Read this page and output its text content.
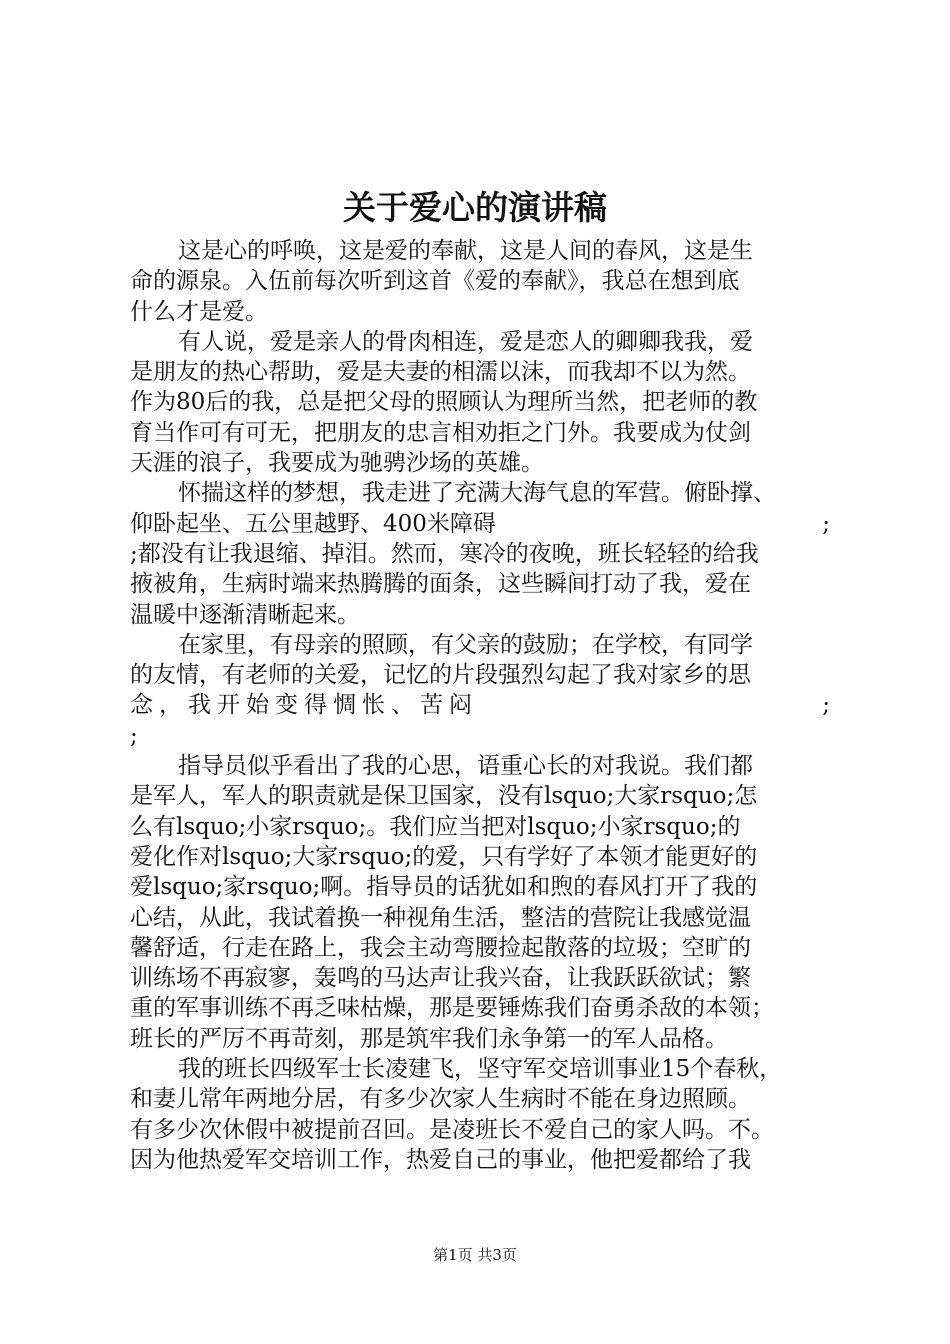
关于爱心的演讲稿
这是心的呼唤，这是爱的奉献，这是人间的春风，这是生
命的源泉。入伍前每次听到这首《爱的奉献》，我总在想到底
什么才是爱。
有人说，爱是亲人的骨肉相连，爱是恋人的卿卿我我，爱
是朋友的热心帮助，爱是夫妻的相濡以沫，而我却不以为然。
作为80后的我，总是把父母的照顾认为理所当然，把老师的教
育当作可有可无，把朋友的忠言相劝拒之门外。我要成为仗剑
天涯的浪子，我要成为驰骋沙场的英雄。
怀揣这样的梦想，我走进了充满大海气息的军营。俯卧撑、
仰卧起坐、五公里越野、400米障碍	;
;都没有让我退缩、掉泪。然而，寒冷的夜晚，班长轻轻的给我
掖被角，生病时端来热腾腾的面条，这些瞬间打动了我，爱在
温暖中逐渐清晰起来。
在家里，有母亲的照顾，有父亲的鼓励；在学校，有同学
的友情，有老师的关爱，记忆的片段强烈勾起了我对家乡的思
念，我开始变得惆怅、苦闷	;
;
指导员似乎看出了我的心思，语重心长的对我说。我们都
是军人，军人的职责就是保卫国家，没有lsquo;大家rsquo;怎
么有lsquo;小家rsquo;。我们应当把对lsquo;小家rsquo;的
爱化作对lsquo;大家rsquo;的爱，只有学好了本领才能更好的
爱lsquo;家rsquo;啊。指导员的话犹如和煦的春风打开了我的
心结，从此，我试着换一种视角生活，整洁的营院让我感觉温
馨舒适，行走在路上，我会主动弯腰捡起散落的垃圾；空旷的
训练场不再寂寥，轰鸣的马达声让我兴奋，让我跃跃欲试；繁
重的军事训练不再乏味枯燥，那是要锤炼我们奋勇杀敌的本领；
班长的严厉不再苛刻，那是筑牢我们永争第一的军人品格。
我的班长四级军士长凌建飞，坚守军交培训事业15个春秋，
和妻儿常年两地分居，有多少次家人生病时不能在身边照顾。
有多少次休假中被提前召回。是凌班长不爱自己的家人吗。不。
因为他热爱军交培训工作，热爱自己的事业，他把爱都给了我
第1页 共3页
